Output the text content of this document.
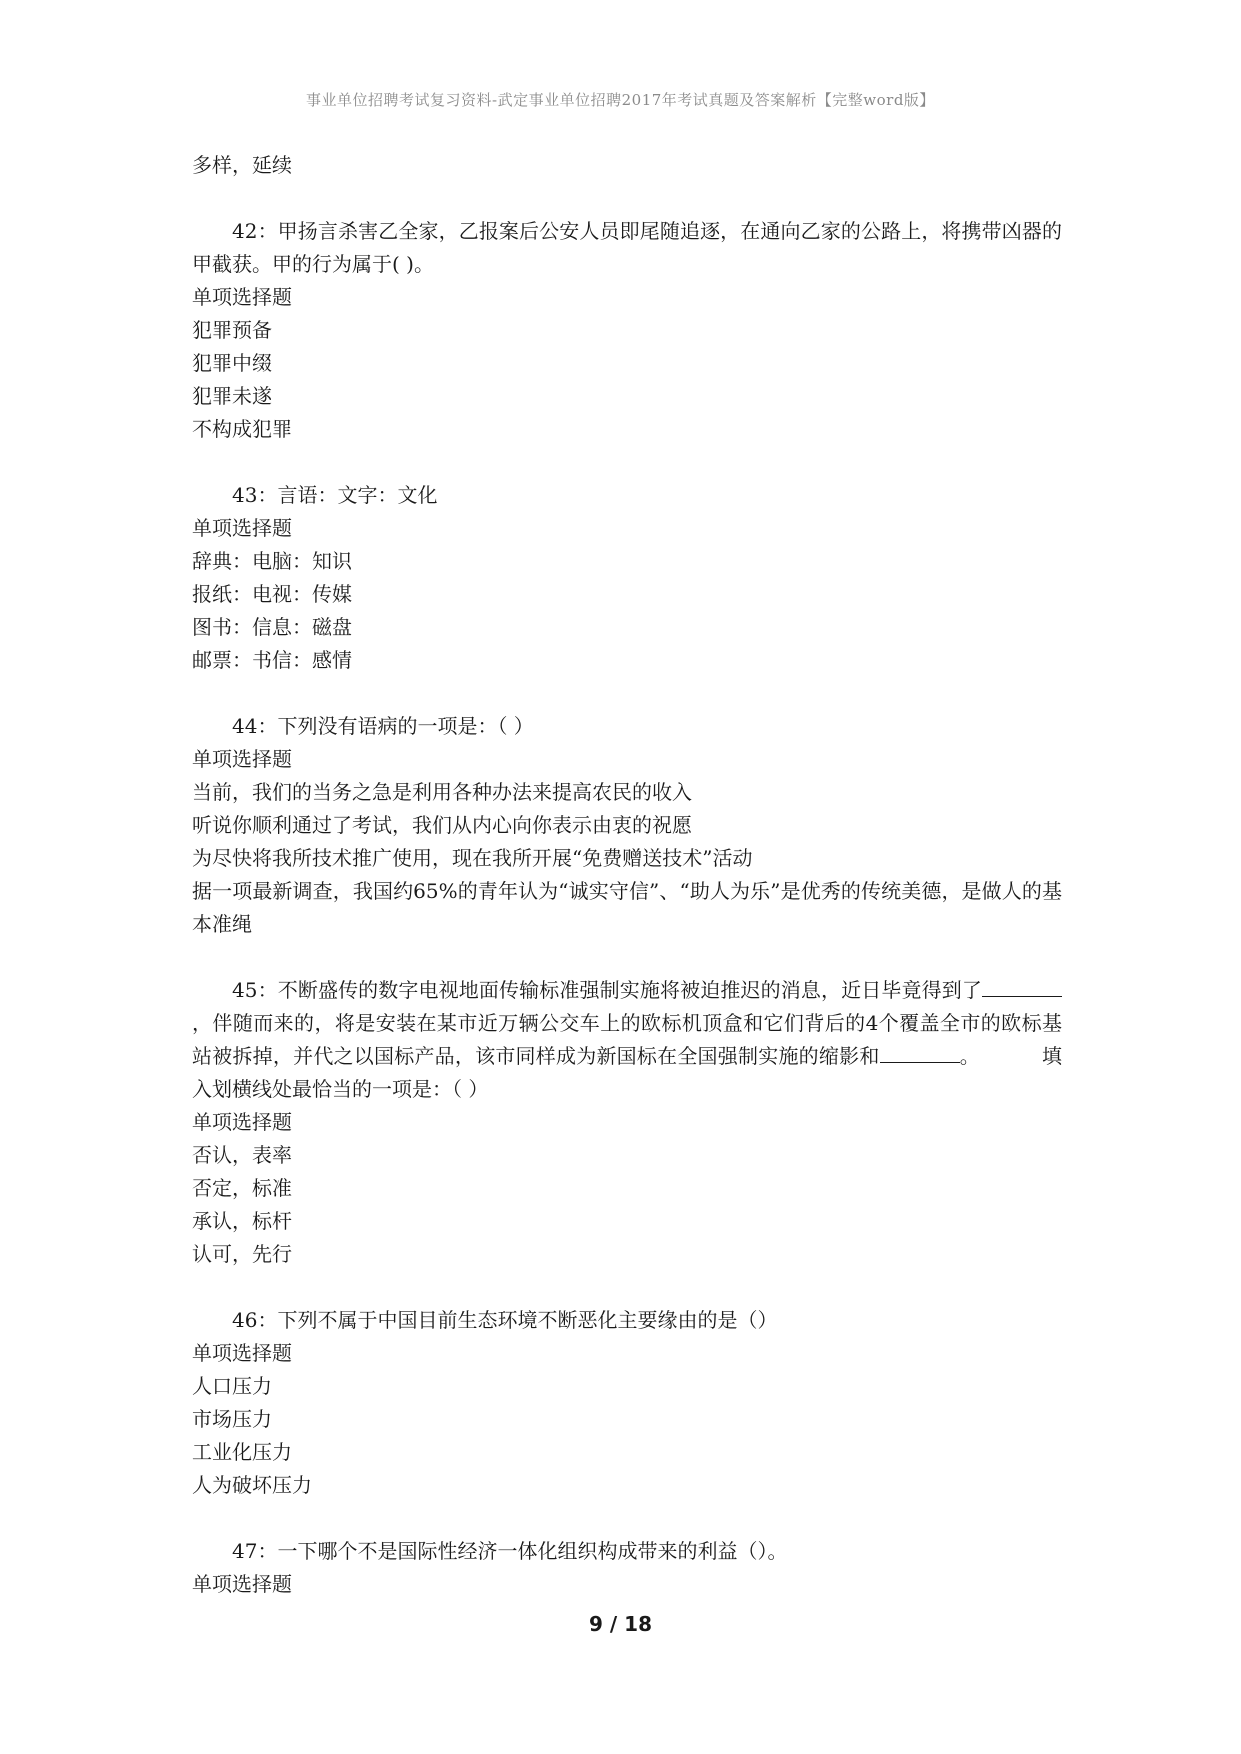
事业单位招聘考试复习资料-武定事业单位招聘2017年考试真题及答案解析【完整word版】
多样，延续
42：甲扬言杀害乙全家，乙报案后公安人员即尾随追逐，在通向乙家的公路上，将携带凶器的甲截获。甲的行为属于( )。
单项选择题
犯罪预备
犯罪中缀
犯罪未遂
不构成犯罪
43：言语：文字：文化
单项选择题
辞典：电脑：知识
报纸：电视：传媒
图书：信息：磁盘
邮票：书信：感情
44：下列没有语病的一项是：（ ）
单项选择题
当前，我们的当务之急是利用各种办法来提高农民的收入
听说你顺利通过了考试，我们从内心向你表示由衷的祝愿
为尽快将我所技术推广使用，现在我所开展“免费赠送技术”活动
据一项最新调查，我国约65%的青年认为“诚实守信”、“助人为乐”是优秀的传统美德，是做人的基本准绳
45：不断盛传的数字电视地面传输标准强制实施将被迫推迟的消息，近日毕竟得到了，伴随而来的，将是安装在某市近万辆公交车上的欧标机顶盒和它们背后的4个覆盖全市的欧标基站被拆掉，并代之以国标产品，该市同样成为新国标在全国强制实施的缩影和	。	填入划横线处最恰当的一项是：（ ）
单项选择题
否认，表率
否定，标准
承认，标杆
认可，先行
46：下列不属于中国目前生态环境不断恶化主要缘由的是（）
单项选择题
人口压力
市场压力
工业化压力
人为破坏压力
47：一下哪个不是国际性经济一体化组织构成带来的利益（）。
单项选择题
9 / 18
